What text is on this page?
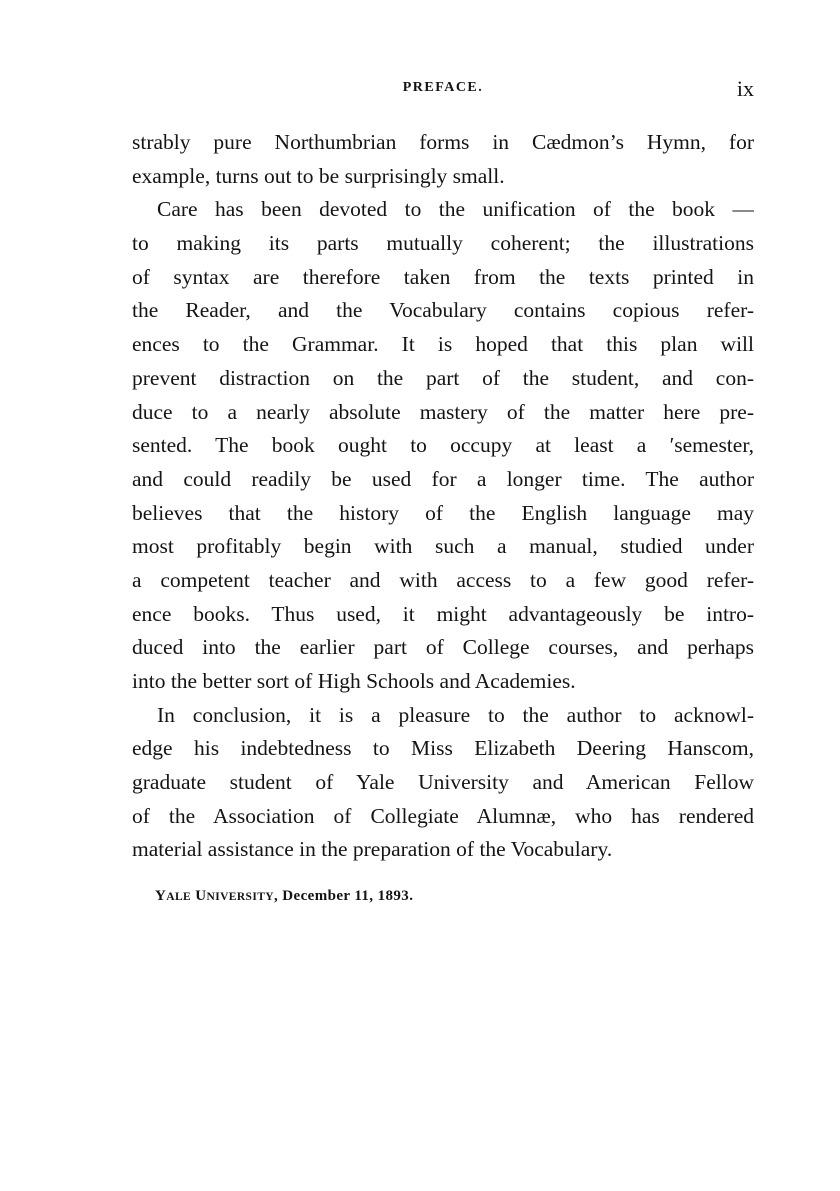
PREFACE.	ix
strably pure Northumbrian forms in Cædmon’s Hymn, for
example, turns out to be surprisingly small.
Care has been devoted to the unification of the book —
to making its parts mutually coherent; the illustrations
of syntax are therefore taken from the texts printed in
the Reader, and the Vocabulary contains copious refer-
ences to the Grammar. It is hoped that this plan will
prevent distraction on the part of the student, and con-
duce to a nearly absolute mastery of the matter here pre-
sented. The book ought to occupy at least a ʹsemester,
and could readily be used for a longer time. The author
believes that the history of the English language may
most profitably begin with such a manual, studied under
a competent teacher and with access to a few good refer-
ence books. Thus used, it might advantageously be intro-
duced into the earlier part of College courses, and perhaps
into the better sort of High Schools and Academies.
In conclusion, it is a pleasure to the author to acknowl-
edge his indebtedness to Miss Elizabeth Deering Hanscom,
graduate student of Yale University and American Fellow
of the Association of Collegiate Alumnæ, who has rendered
material assistance in the preparation of the Vocabulary.
YALE UNIVERSITY, December 11, 1893.
